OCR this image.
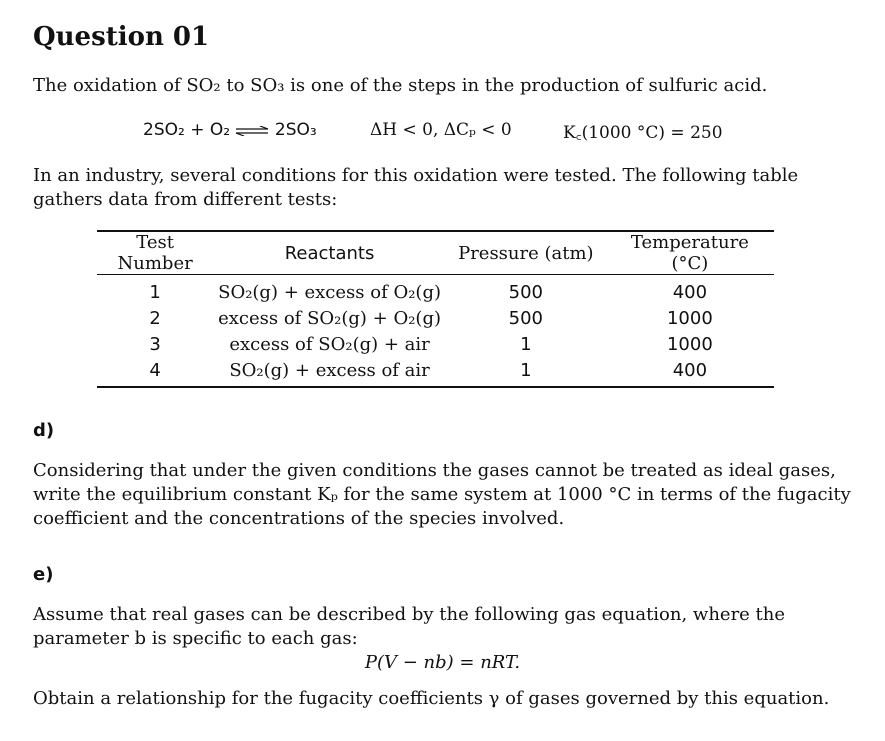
Question 01
The oxidation of SO₂ to SO₃ is one of the steps in the production of sulfuric acid.
2SO₂ + O₂ ⇌ 2SO₃	ΔH < 0, ΔCₚ < 0	K꜀(1000 °C) = 250
In an industry, several conditions for this oxidation were tested. The following table gathers data from different tests:
Test Number	Reactants	Pressure (atm)	Temperature (°C)
1	SO₂(g) + excess of O₂(g)	500	400
2	excess of SO₂(g) + O₂(g)	500	1000
3	excess of SO₂(g) + air	1	1000
4	SO₂(g) + excess of air	1	400
d)
Considering that under the given conditions the gases cannot be treated as ideal gases, write the equilibrium constant Kₚ for the same system at 1000 °C in terms of the fugacity coefficient and the concentrations of the species involved.
e)
Assume that real gases can be described by the following gas equation, where the parameter b is specific to each gas:
P(V − nb) = nRT.
Obtain a relationship for the fugacity coefficients γ of gases governed by this equation.
